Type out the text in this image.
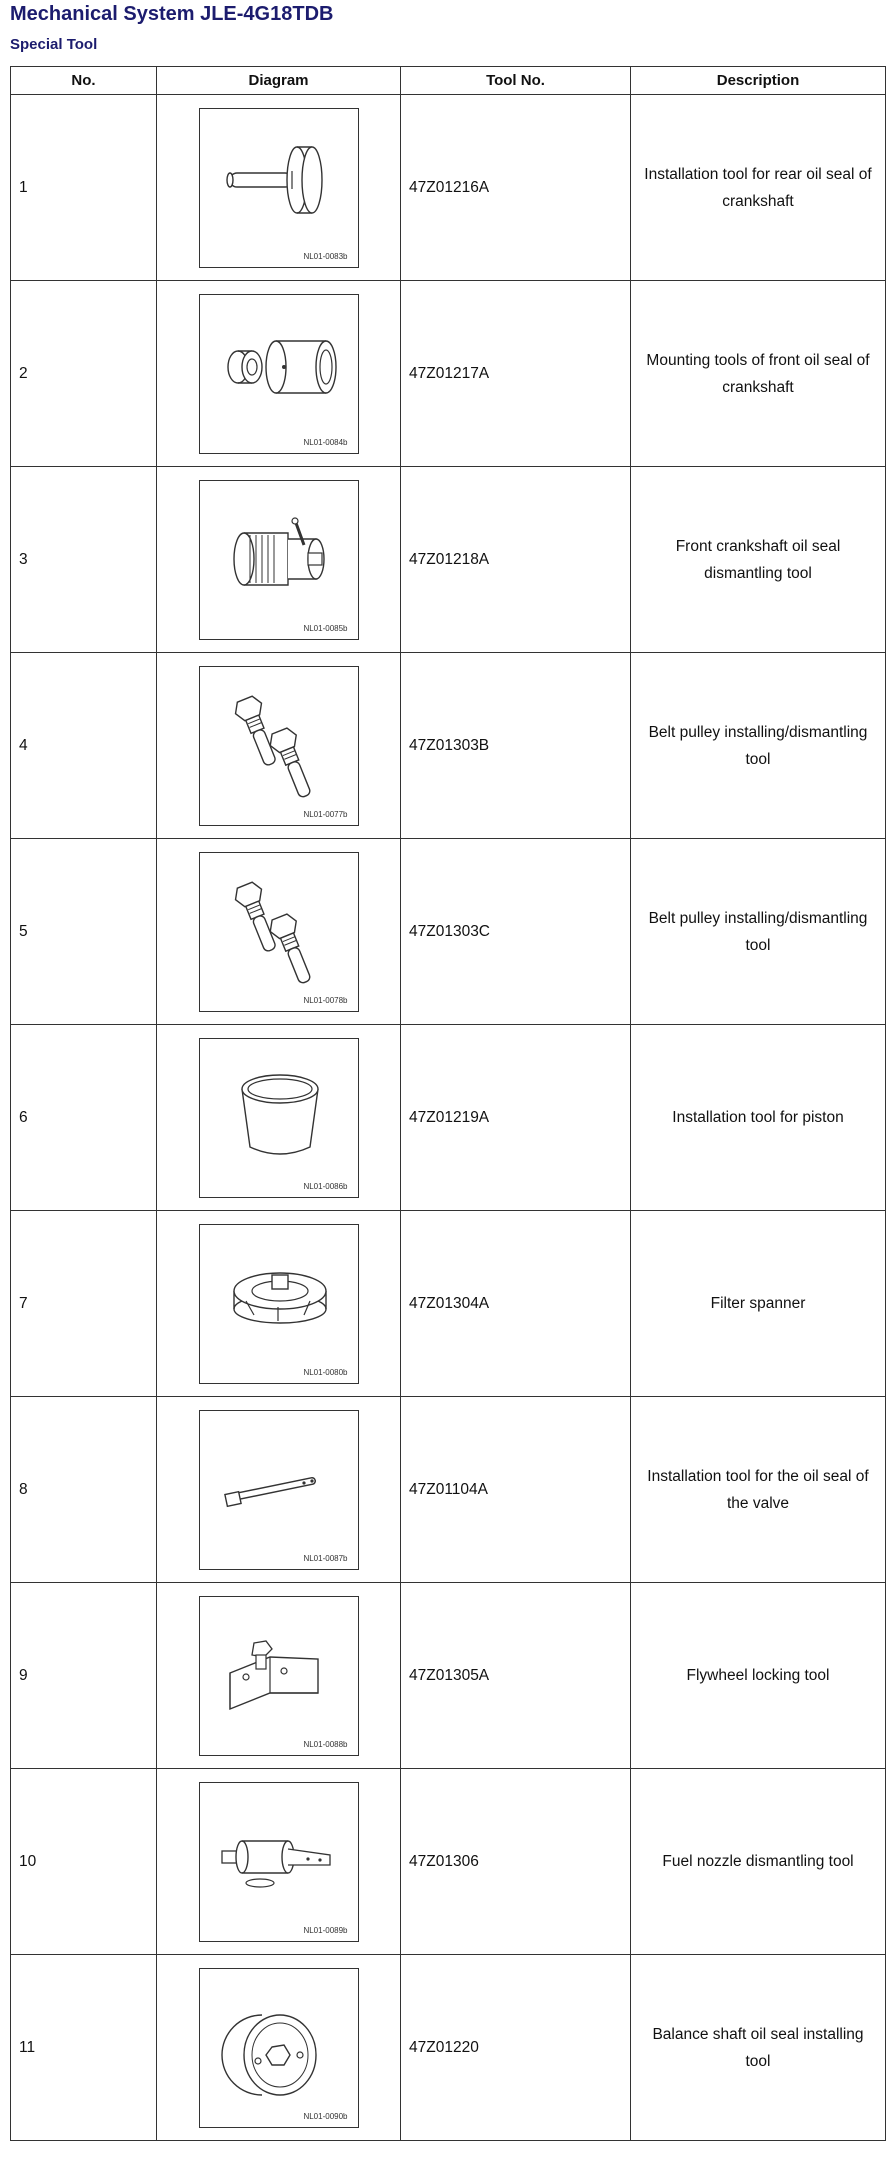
Mechanical System JLE-4G18TDB
Special Tool
No.	Diagram	Tool No.	Description
1	NL01-0083b	47Z01216A	Installation tool for rear oil seal of crankshaft
2	NL01-0084b	47Z01217A	Mounting tools of front oil seal of crankshaft
3	NL01-0085b	47Z01218A	Front crankshaft oil seal dismantling tool
4	NL01-0077b	47Z01303B	Belt pulley installing/dismantling tool
5	NL01-0078b	47Z01303C	Belt pulley installing/dismantling tool
6	NL01-0086b	47Z01219A	Installation tool for piston
7	NL01-0080b	47Z01304A	Filter spanner
8	NL01-0087b	47Z01104A	Installation tool for the oil seal of the valve
9	NL01-0088b	47Z01305A	Flywheel locking tool
10	NL01-0089b	47Z01306	Fuel nozzle dismantling tool
11	NL01-0090b	47Z01220	Balance shaft oil seal installing tool
